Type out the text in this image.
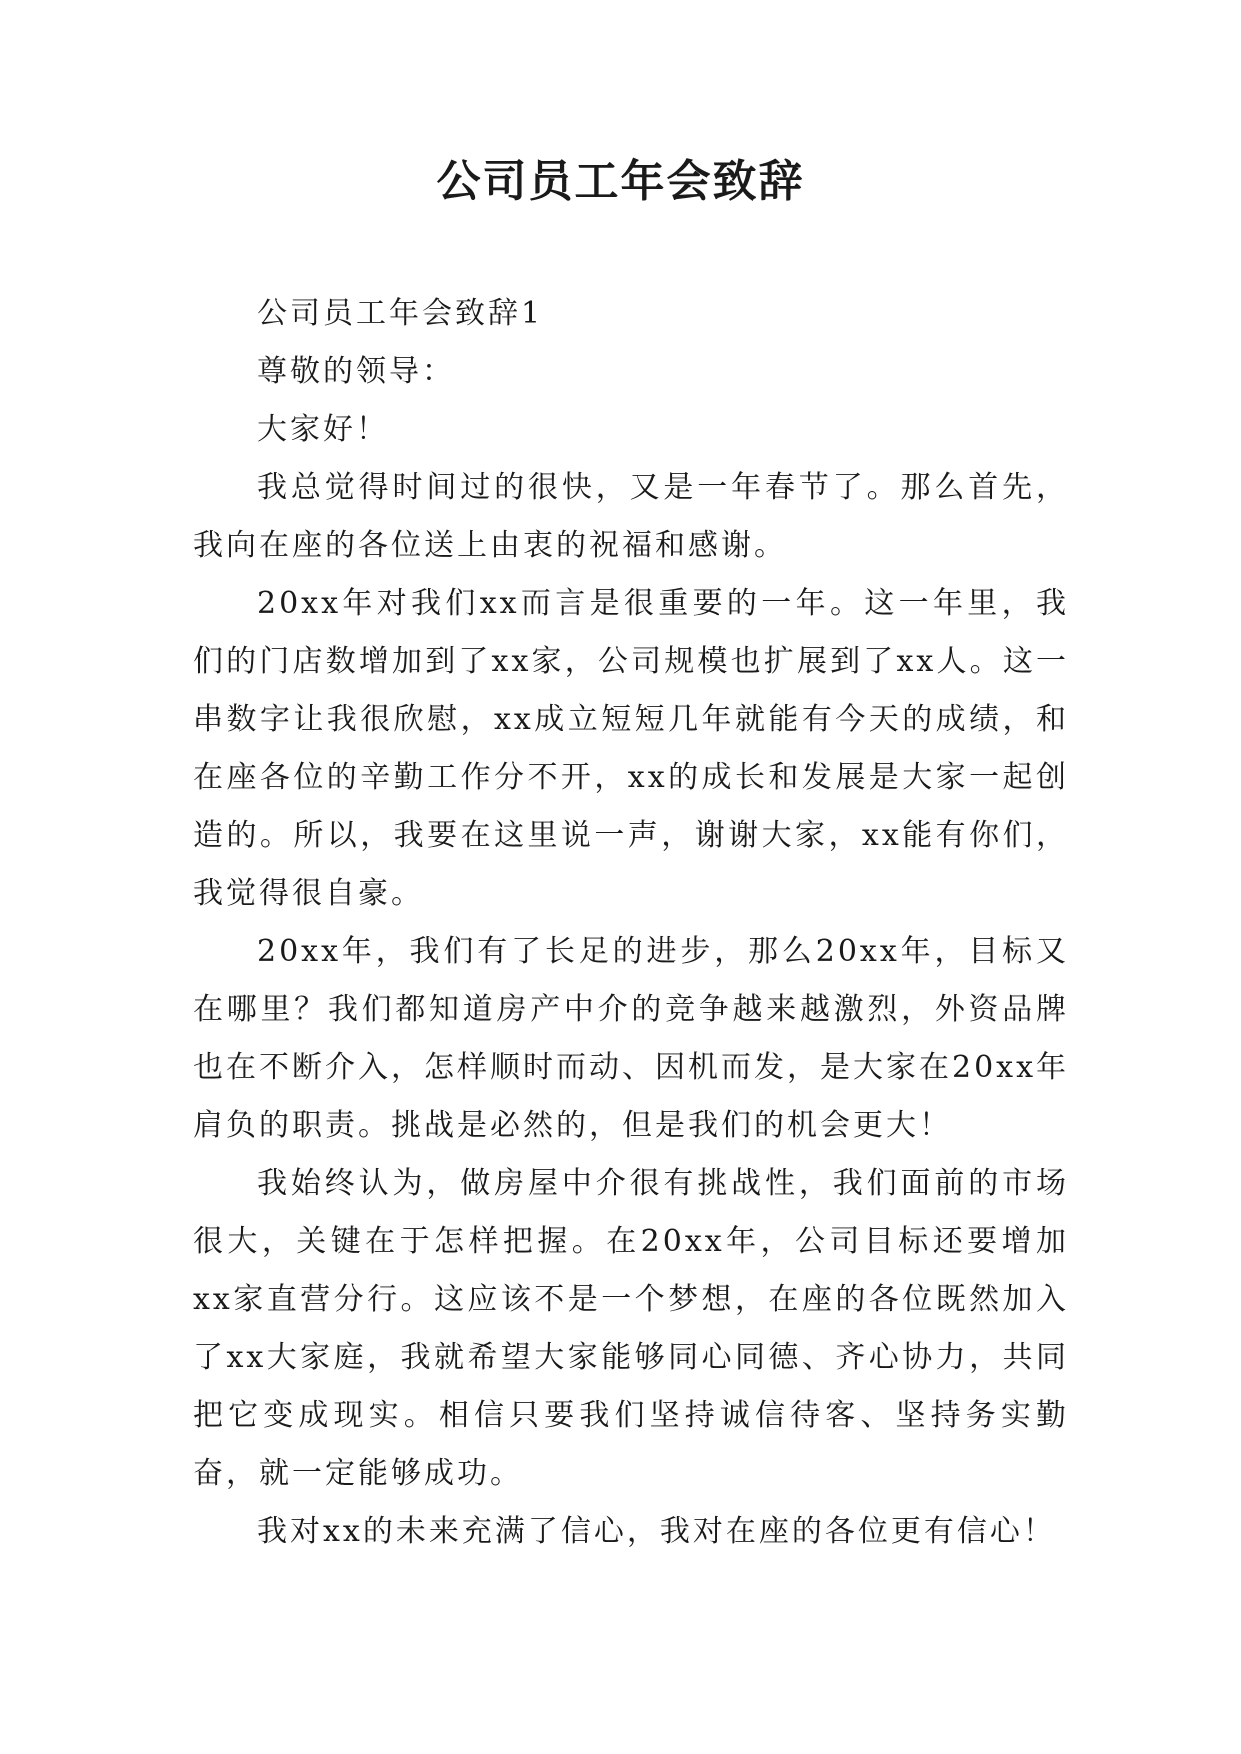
公司员工年会致辞

公司员工年会致辞1

尊敬的领导：

大家好！

我总觉得时间过的很快，又是一年春节了。那么首先，我向在座的各位送上由衷的祝福和感谢。

20xx年对我们xx而言是很重要的一年。这一年里，我们的门店数增加到了xx家，公司规模也扩展到了xx人。这一串数字让我很欣慰，xx成立短短几年就能有今天的成绩，和在座各位的辛勤工作分不开，xx的成长和发展是大家一起创造的。所以，我要在这里说一声，谢谢大家，xx能有你们，我觉得很自豪。

20xx年，我们有了长足的进步，那么20xx年，目标又在哪里？我们都知道房产中介的竞争越来越激烈，外资品牌也在不断介入，怎样顺时而动、因机而发，是大家在20xx年肩负的职责。挑战是必然的，但是我们的机会更大！

我始终认为，做房屋中介很有挑战性，我们面前的市场很大，关键在于怎样把握。在20xx年，公司目标还要增加xx家直营分行。这应该不是一个梦想，在座的各位既然加入了xx大家庭，我就希望大家能够同心同德、齐心协力，共同把它变成现实。相信只要我们坚持诚信待客、坚持务实勤奋，就一定能够成功。

我对xx的未来充满了信心，我对在座的各位更有信心！
